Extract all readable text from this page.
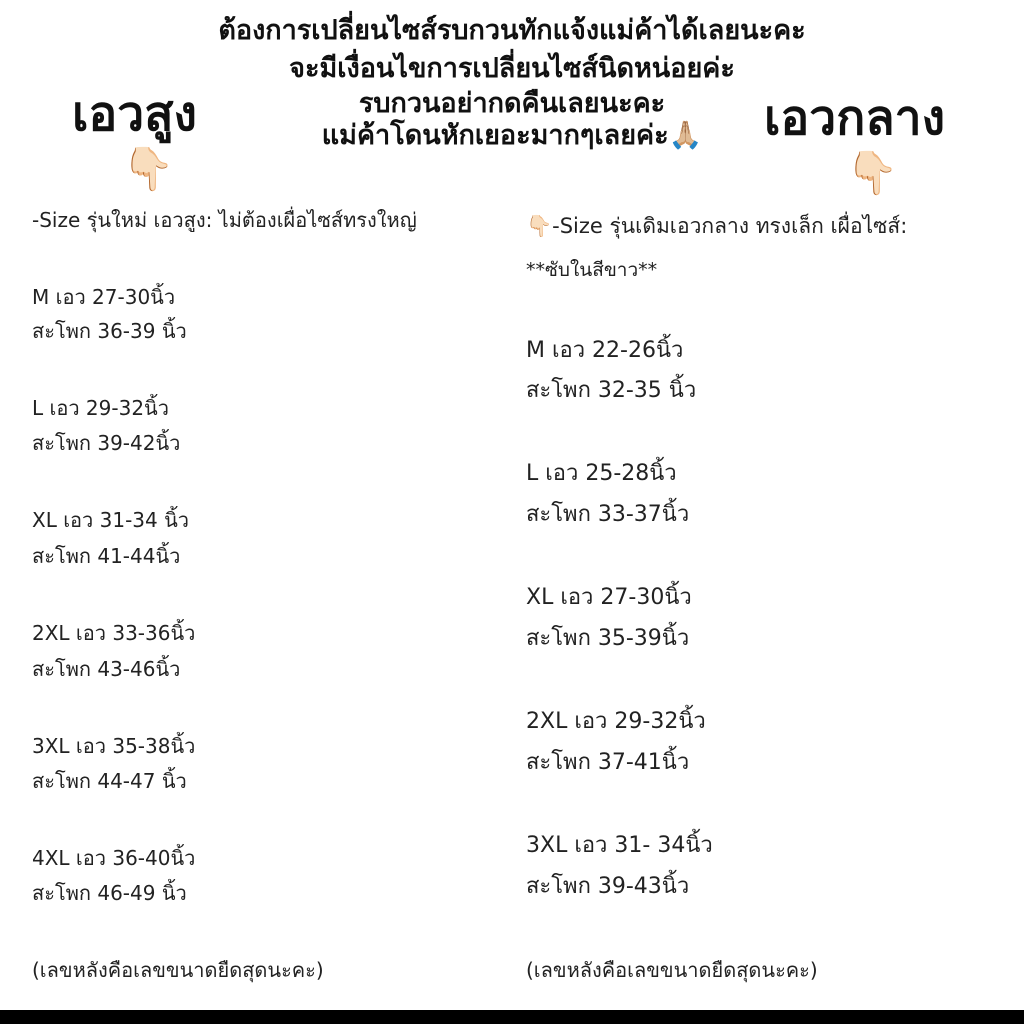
ต้องการเปลี่ยนไซส์รบกวนทักแจ้งแม่ค้าได้เลยนะคะ
จะมีเงื่อนไขการเปลี่ยนไซส์นิดหน่อยค่ะ
รบกวนอย่ากดคืนเลยนะคะ
แม่ค้าโดนหักเยอะมากๆเลยค่ะ🙏🏼
เอวสูง
👇🏻
เอวกลาง
👇🏻
-Size รุ่นใหม่ เอวสูง: ไม่ต้องเผื่อไซส์ทรงใหญ่
M เอว 27-30นิ้ว
สะโพก 36-39 นิ้ว
L เอว 29-32นิ้ว
สะโพก 39-42นิ้ว
XL เอว 31-34 นิ้ว
สะโพก 41-44นิ้ว
2XL เอว 33-36นิ้ว
สะโพก 43-46นิ้ว
3XL เอว 35-38นิ้ว
สะโพก 44-47 นิ้ว
4XL เอว 36-40นิ้ว
สะโพก 46-49 นิ้ว
(เลขหลังคือเลขขนาดยืดสุดนะคะ)
👇🏻-Size รุ่นเดิมเอวกลาง ทรงเล็ก เผื่อไซส์:
**ซับในสีขาว**
M เอว 22-26นิ้ว
สะโพก 32-35 นิ้ว
L เอว 25-28นิ้ว
สะโพก 33-37นิ้ว
XL เอว 27-30นิ้ว
สะโพก 35-39นิ้ว
2XL เอว 29-32นิ้ว
สะโพก 37-41นิ้ว
3XL เอว 31- 34นิ้ว
สะโพก 39-43นิ้ว
(เลขหลังคือเลขขนาดยืดสุดนะคะ)
